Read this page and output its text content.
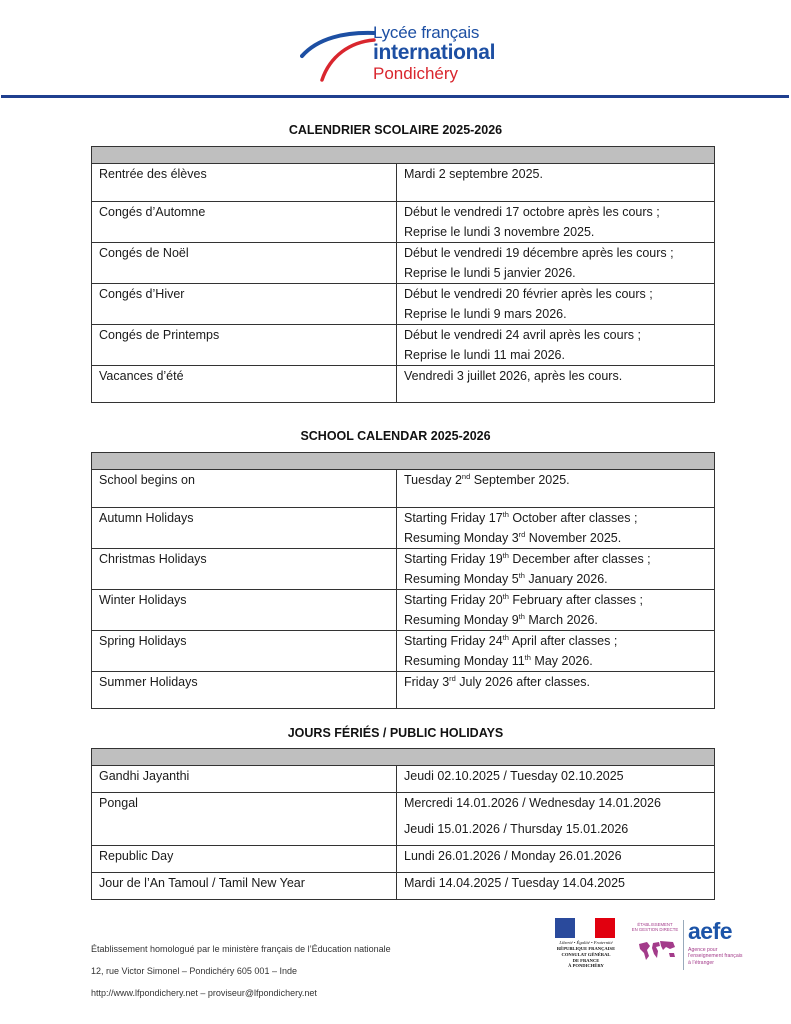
Lycée français
international
Pondichéry
CALENDRIER SCOLAIRE 2025-2026

Rentrée des élèves	Mardi 2 septembre 2025.

Congés d’Automne	Début le vendredi 17 octobre après les cours ;
Reprise le lundi 3 novembre 2025.

Congés de Noël	Début le vendredi 19 décembre après les cours ;
Reprise le lundi 5 janvier 2026.

Congés d’Hiver	Début le vendredi 20 février après les cours ;
Reprise le lundi 9 mars 2026.

Congés de Printemps	Début le vendredi 24 avril après les cours ;
Reprise le lundi 11 mai 2026.

Vacances d’été	Vendredi 3 juillet 2026, après les cours.
SCHOOL CALENDAR 2025-2026

School begins on	Tuesday 2nd September 2025.

Autumn Holidays	Starting Friday 17th October after classes ;
Resuming Monday 3rd November 2025.

Christmas Holidays	Starting Friday 19th December after classes ;
Resuming Monday 5th January 2026.

Winter Holidays	Starting Friday 20th February after classes ;
Resuming Monday 9th March 2026.

Spring Holidays	Starting Friday 24th April after classes ;
Resuming Monday 11th May 2026.

Summer Holidays	Friday 3rd July 2026 after classes.
JOURS FÉRIÉS / PUBLIC HOLIDAYS

Gandhi Jayanthi	Jeudi 02.10.2025 / Tuesday 02.10.2025

Pongal	Mercredi 14.01.2026 / Wednesday 14.01.2026
Jeudi 15.01.2026 / Thursday 15.01.2026

Republic Day	Lundi 26.01.2026 / Monday 26.01.2026

Jour de l’An Tamoul / Tamil New Year	Mardi 14.04.2025 / Tuesday 14.04.2025
Établissement homologué par le ministère français de l’Éducation nationale
12, rue Victor Simonel – Pondichéry 605 001 – Inde
http://www.lfpondichery.net – proviseur@lfpondichery.net
Liberté • Égalité • Fraternité
RÉPUBLIQUE FRANÇAISE
CONSULAT GÉNÉRAL
DE FRANCE
À PONDICHÉRY
ÉTABLISSEMENT
EN GESTION DIRECTE aefe
Agence pour
l’enseignement français
à l’étranger
